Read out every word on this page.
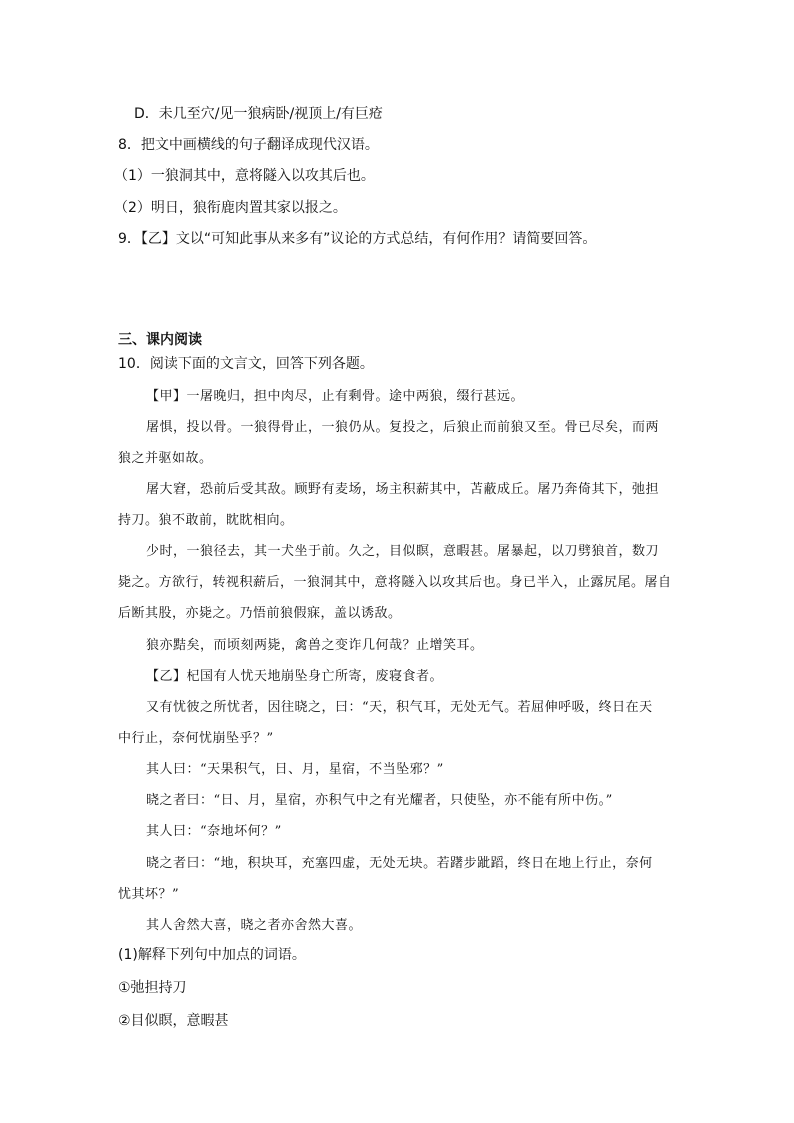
D．未几至穴/见一狼病卧/视顶上/有巨疮
8．把文中画横线的句子翻译成现代汉语。
（1）一狼洞其中，意将隧入以攻其后也。
（2）明日，狼衔鹿肉置其家以报之。
9．【乙】文以“可知此事从来多有”议论的方式总结，有何作用？请简要回答。
三、课内阅读
10．阅读下面的文言文，回答下列各题。
【甲】一屠晚归，担中肉尽，止有剩骨。途中两狼，缀行甚远。
屠惧，投以骨。一狼得骨止，一狼仍从。复投之，后狼止而前狼又至。骨已尽矣，而两
狼之并驱如故。
屠大窘，恐前后受其敌。顾野有麦场，场主积薪其中，苫蔽成丘。屠乃奔倚其下，弛担
持刀。狼不敢前，眈眈相向。
少时，一狼径去，其一犬坐于前。久之，目似瞑，意暇甚。屠暴起，以刀劈狼首，数刀
毙之。方欲行，转视积薪后，一狼洞其中，意将隧入以攻其后也。身已半入，止露尻尾。屠自
后断其股，亦毙之。乃悟前狼假寐，盖以诱敌。
狼亦黠矣，而顷刻两毙，禽兽之变诈几何哉？止增笑耳。
【乙】杞国有人忧天地崩坠身亡所寄，废寝食者。
又有忧彼之所忧者，因往晓之，曰：“天，积气耳，无处无气。若屈伸呼吸，终日在天
中行止，奈何忧崩坠乎？”
其人曰：“天果积气，日、月，星宿，不当坠邪？”
晓之者曰：“日、月，星宿，亦积气中之有光耀者，只使坠，亦不能有所中伤。”
其人曰：“奈地坏何？”
晓之者曰：“地，积块耳，充塞四虚，无处无块。若躇步跐蹈，终日在地上行止，奈何
忧其坏？”
其人舍然大喜，晓之者亦舍然大喜。
(1)解释下列句中加点的词语。
①弛担持刀
②目似瞑，意暇甚
